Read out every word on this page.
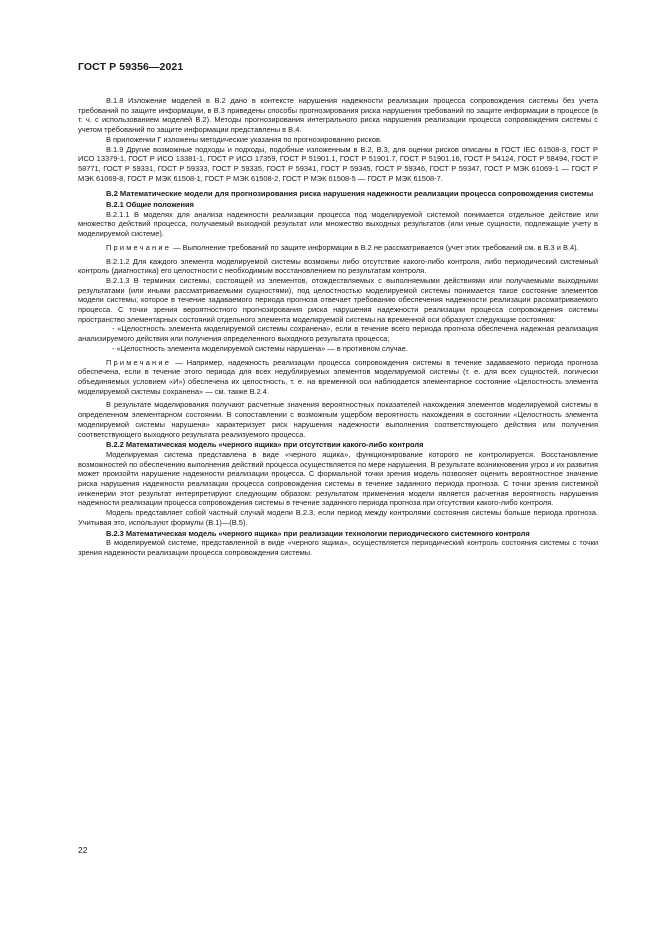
ГОСТ Р 59356—2021

В.1.8 Изложение моделей в В.2 дано в контексте нарушения надежности реализации процесса сопровождения системы без учета требований по защите информации, в В.3 приведены способы прогнозирования риска нарушения требований по защите информации в процессе (в т. ч. с использованием моделей В.2). Методы прогнозирования интегрального риска нарушения реализации процесса сопровождения системы с учетом требований по защите информации представлены в В.4.

В приложении Г изложены методические указания по прогнозированию рисков.

В.1.9 Другие возможные подходы и подходы, подобные изложенным в В.2, В.3, для оценки рисков описаны в ГОСТ IEC 61508-3, ГОСТ Р ИСО 13379-1, ГОСТ Р ИСО 13381-1, ГОСТ Р ИСО 17359, ГОСТ Р 51901.1, ГОСТ Р 51901.7, ГОСТ Р 51901.16, ГОСТ Р 54124, ГОСТ Р 58494, ГОСТ Р 58771, ГОСТ Р 59331, ГОСТ Р 59333, ГОСТ Р 59335, ГОСТ Р 59341, ГОСТ Р 59345, ГОСТ Р 59346, ГОСТ Р 59347, ГОСТ Р МЭК 61069-1 — ГОСТ Р МЭК 61069-8, ГОСТ Р МЭК 61508-1, ГОСТ Р МЭК 61508-2, ГОСТ Р МЭК 61508-5 — ГОСТ Р МЭК 61508-7.

В.2 Математические модели для прогнозирования риска нарушения надежности реализации процесса сопровождения системы
В.2.1 Общие положения

В.2.1.1 В моделях для анализа надежности реализации процесса под моделируемой системой понимается отдельное действие или множество действий процесса, получаемый выходной результат или множество выходных результатов (или иные сущности, подлежащие учету в моделируемой системе).

Примечание — Выполнение требований по защите информации в В.2 не рассматривается (учет этих требований см. в В.3 и В.4).

В.2.1.2 Для каждого элемента моделируемой системы возможны либо отсутствие какого-либо контроля, либо периодический системный контроль (диагностика) его целостности с необходимым восстановлением по результатам контроля.

В.2.1.3 В терминах системы, состоящей из элементов, отождествляемых с выполняемыми действиями или получаемыми выходными результатами (или иными рассматриваемыми сущностями), под целостностью моделируемой системы понимается такое состояние элементов модели системы, которое в течение задаваемого периода прогноза отвечает требованию обеспечения надежности реализации рассматриваемого процесса. С точки зрения вероятностного прогнозирования риска нарушения надежности реализации процесса сопровождения системы пространство элементарных состояний отдельного элемента моделируемой системы на временной оси образуют следующие состояния:

- «Целостность элемента моделируемой системы сохранена», если в течение всего периода прогноза обеспечена надежная реализация анализируемого действия или получения определенного выходного результата процесса;

- «Целостность элемента моделируемой системы нарушена» — в противном случае.

Примечание — Например, надежность реализации процесса сопровождения системы в течение задаваемого периода прогноза обеспечена, если в течение этого периода для всех недублируемых элементов моделируемой системы (т. е. для всех сущностей, логически объединяемых условием «И») обеспечена их целостность, т. е. на временной оси наблюдается элементарное состояние «Целостность элемента моделируемой системы сохранена» — см. также В.2.4.

В результате моделирования получают расчетные значения вероятностных показателей нахождения элементов моделируемой системы в определенном элементарном состоянии. В сопоставлении с возможным ущербом вероятность нахождения в состоянии «Целостность элемента моделируемой системы нарушена» характеризует риск нарушения надежности выполнения соответствующего действия или получения соответствующего выходного результата реализуемого процесса.

В.2.2 Математическая модель «черного ящика» при отсутствии какого-либо контроля

Моделируемая система представлена в виде «черного ящика», функционирование которого не контролируется. Восстановление возможностей по обеспечению выполнения действий процесса осуществляется по мере нарушения. В результате возникновения угроз и их развития может произойти нарушение надежности реализации процесса. С формальной точки зрения модель позволяет оценить вероятностное значение риска нарушения надежности реализации процесса сопровождения системы в течение заданного периода прогноза. С точки зрения системной инженерии этот результат интерпретируют следующим образом: результатом применения модели является расчетная вероятность нарушения надежности реализации процесса сопровождения системы в течение заданного периода прогноза при отсутствии какого-либо контроля.

Модель представляет собой частный случай модели В.2.3, если период между контролями состояния системы больше периода прогноза. Учитывая это, используют формулы (В.1)—(В.5).

В.2.3 Математическая модель «черного ящика» при реализации технологии периодического системного контроля

В моделируемой системе, представленной в виде «черного ящика», осуществляется периодический контроль состояния системы с точки зрения надежности реализации процесса сопровождения системы.

22
